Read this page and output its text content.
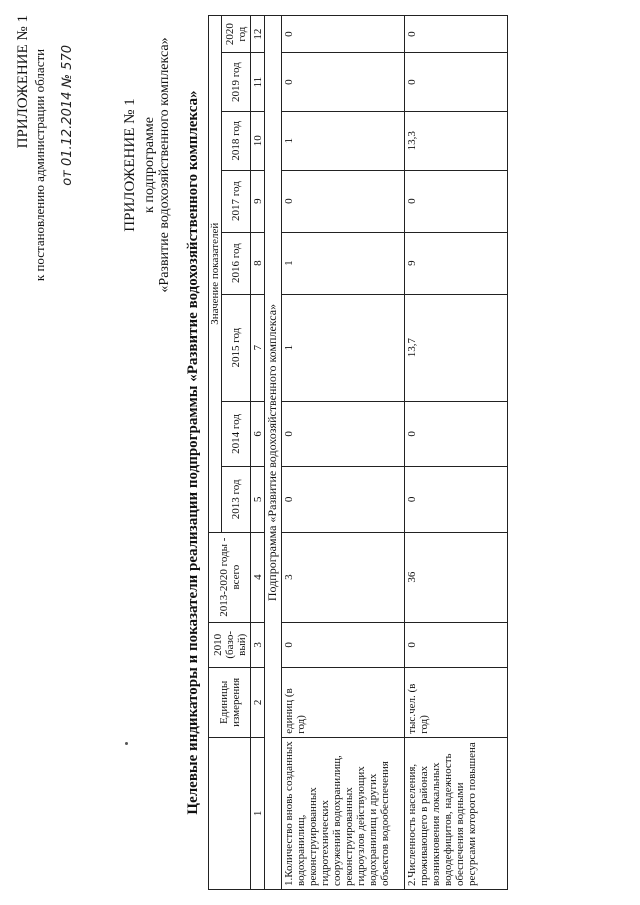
ПРИЛОЖЕНИЕ № 1 к постановлению администрации области от 01.12.2014 № 570	ПРИЛОЖЕНИЕ № 1 к подпрограмме «Развитие водохозяйственного комплекса» Целевые индикаторы и показатели реализации подпрограммы «Развитие водохозяйственного комплекса»
	Единицы измерения	2010 (базо-вый)	2013-2020 годы - всего	Значение показателей							
				2013 год	2014 год	2015 год	2016 год	2017 год	2018 год	2019 год	2020 год
1	2	3	4	5	6	7	8	9	10	11	12
Подпрограмма «Развитие водохозяйственного комплекса»											
1.Количество вновь созданных водохранилищ, реконструированных гидротехнических сооружений водохранилищ, реконструированных гидроузлов действующих водохранилищ и других объектов водообеспечения	единиц (в год)	0	3	0	0	1	1	0	1	0	0
2.Численность населения, проживающего в районах возникновения локальных вододефицитов, надежность обеспечения водными ресурсами которого повышена	тыс.чел. (в год)	0	36	0	0	13,7	9	0	13,3	0	0
